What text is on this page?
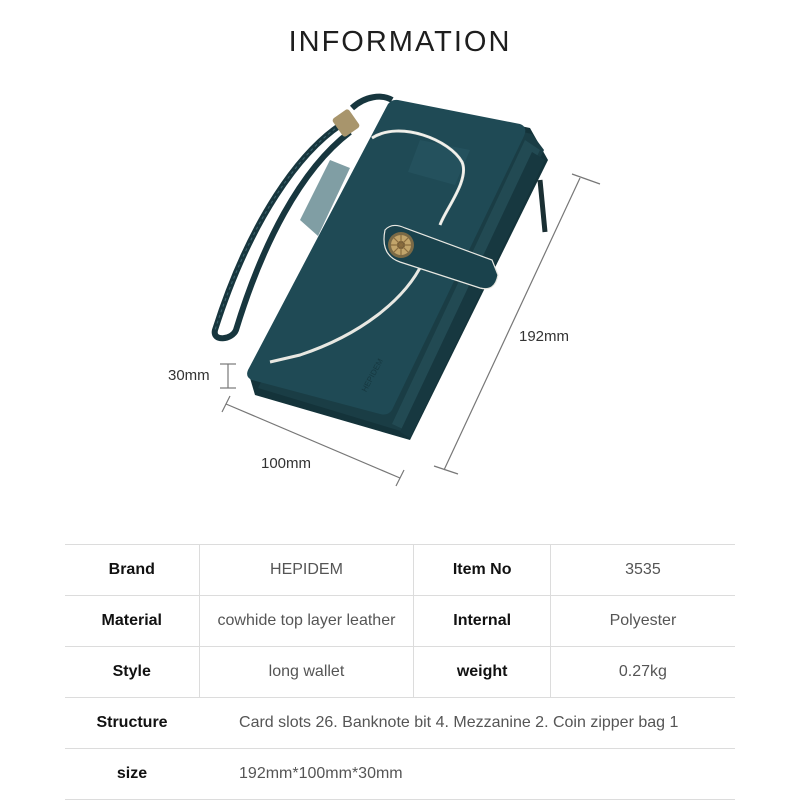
INFORMATION
HEPIDEM
30mm
100mm
192mm
Brand	HEPIDEM	Item No	3535
Material	cowhide top layer leather	Internal	Polyester
Style	long wallet	weight	0.27kg
Structure	Card slots 26. Banknote bit 4. Mezzanine 2. Coin zipper bag 1		
size	192mm*100mm*30mm		
